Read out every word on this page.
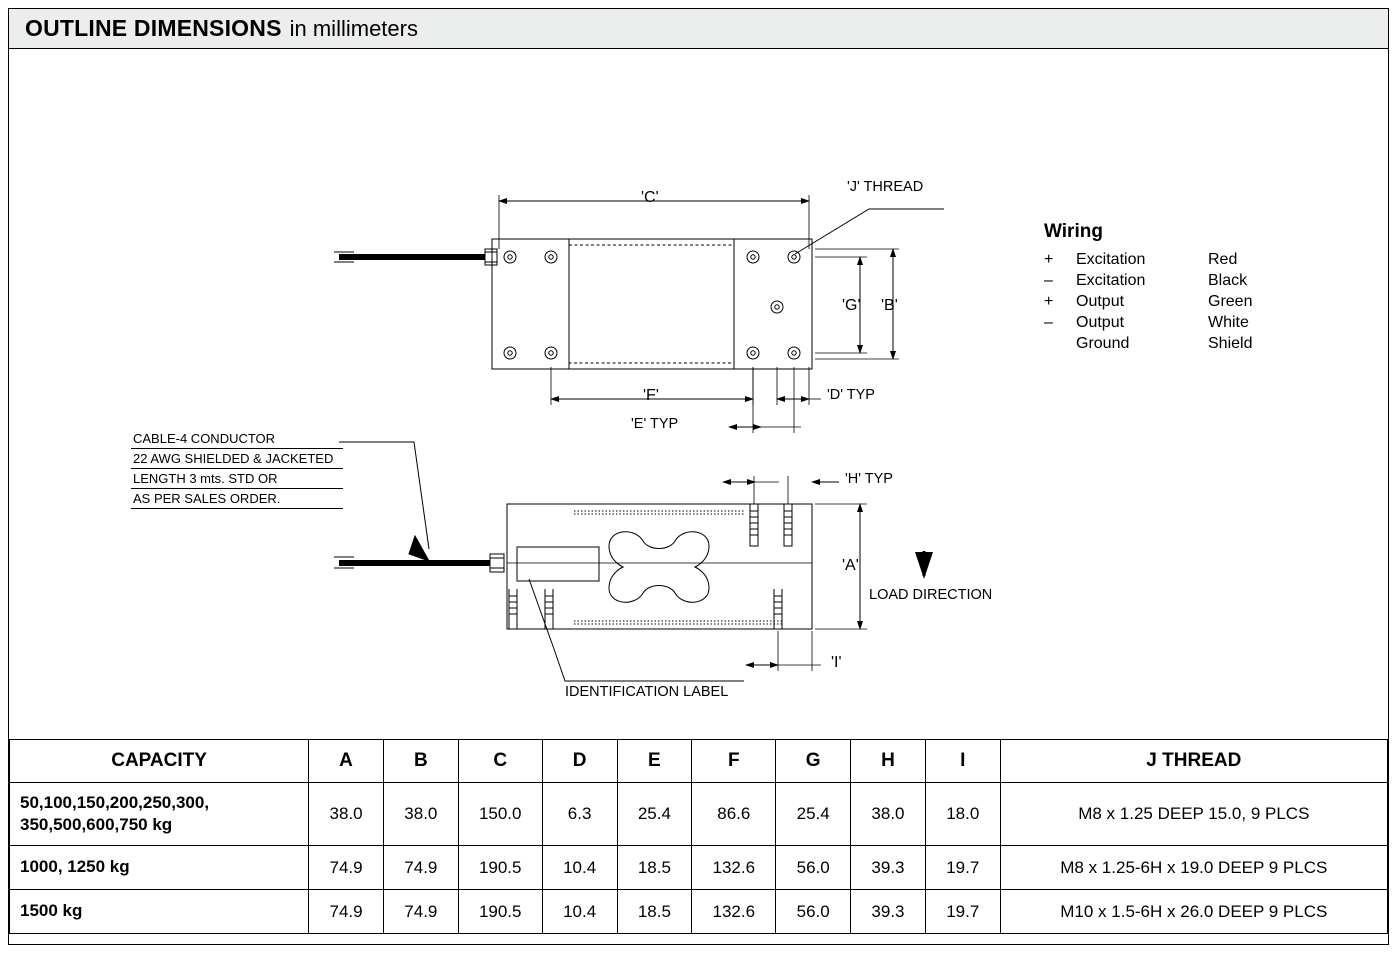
OUTLINE DIMENSIONS in millimeters
'J' THREAD
'C'
'B'
'G'
'F'	'D' TYP
'E' TYP
'H' TYP
'A'
'I'
LOAD DIRECTION
IDENTIFICATION LABEL
CABLE-4 CONDUCTOR
22 AWG SHIELDED & JACKETED
LENGTH 3 mts. STD OR
AS PER SALES ORDER.
Wiring
+	Excitation	Red
–	Excitation	Black
+	Output	Green
–	Output	White
	Ground	Shield
CAPACITY	A	B	C	D	E	F	G	H	I	J THREAD
50,100,150,200,250,300,
350,500,600,750 kg	38.0	38.0	150.0	6.3	25.4	86.6	25.4	38.0	18.0	M8 x 1.25 DEEP 15.0, 9 PLCS
1000, 1250 kg	74.9	74.9	190.5	10.4	18.5	132.6	56.0	39.3	19.7	M8 x 1.25-6H x 19.0 DEEP 9 PLCS
1500 kg	74.9	74.9	190.5	10.4	18.5	132.6	56.0	39.3	19.7	M10 x 1.5-6H x 26.0 DEEP 9 PLCS
